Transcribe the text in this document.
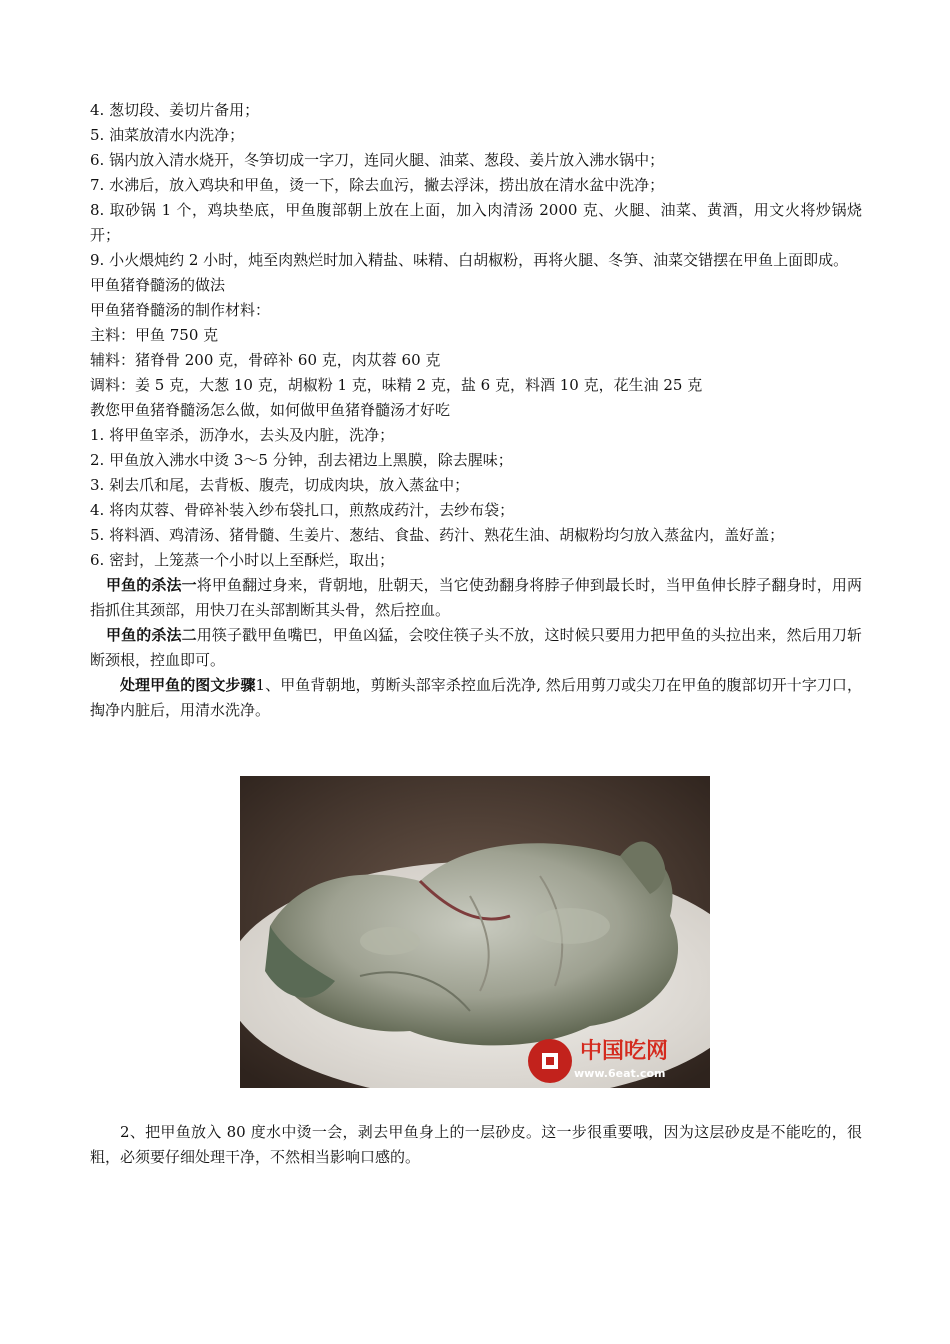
4. 葱切段、姜切片备用；

5. 油菜放清水内洗净；

6. 锅内放入清水烧开，冬笋切成一字刀，连同火腿、油菜、葱段、姜片放入沸水锅中；

7. 水沸后，放入鸡块和甲鱼，烫一下，除去血污，撇去浮沫，捞出放在清水盆中洗净；

8. 取砂锅 1 个，鸡块垫底，甲鱼腹部朝上放在上面，加入肉清汤 2000 克、火腿、油菜、黄酒，用文火将炒锅烧开；

9. 小火煨炖约 2 小时，炖至肉熟烂时加入精盐、味精、白胡椒粉，再将火腿、冬笋、油菜交错摆在甲鱼上面即成。

甲鱼猪脊髓汤的做法

甲鱼猪脊髓汤的制作材料：

主料：甲鱼 750 克

辅料：猪脊骨 200 克，骨碎补 60 克，肉苁蓉 60 克

调料：姜 5 克，大葱 10 克，胡椒粉 1 克，味精 2 克，盐 6 克，料酒 10 克，花生油 25 克

教您甲鱼猪脊髓汤怎么做，如何做甲鱼猪脊髓汤才好吃

1. 将甲鱼宰杀，沥净水，去头及内脏，洗净；

2. 甲鱼放入沸水中烫 3～5 分钟，刮去裙边上黑膜，除去腥味；

3. 剁去爪和尾，去背板、腹壳，切成肉块，放入蒸盆中；

4. 将肉苁蓉、骨碎补装入纱布袋扎口，煎熬成药汁，去纱布袋；

5. 将料酒、鸡清汤、猪骨髓、生姜片、葱结、食盐、药汁、熟花生油、胡椒粉均匀放入蒸盆内，盖好盖；

6. 密封，上笼蒸一个小时以上至酥烂，取出；

甲鱼的杀法一将甲鱼翻过身来，背朝地，肚朝天，当它使劲翻身将脖子伸到最长时，当甲鱼伸长脖子翻身时，用两指抓住其颈部，用快刀在头部割断其头骨，然后控血。

甲鱼的杀法二用筷子戳甲鱼嘴巴，甲鱼凶猛，会咬住筷子头不放，这时候只要用力把甲鱼的头拉出来，然后用刀斩断颈根，控血即可。

处理甲鱼的图文步骤1、甲鱼背朝地，剪断头部宰杀控血后洗净, 然后用剪刀或尖刀在甲鱼的腹部切开十字刀口，掏净内脏后，用清水洗净。

中国吃网
www.6eat.com

2、把甲鱼放入 80 度水中烫一会，剥去甲鱼身上的一层砂皮。这一步很重要哦，因为这层砂皮是不能吃的，很粗，必须要仔细处理干净，不然相当影响口感的。
